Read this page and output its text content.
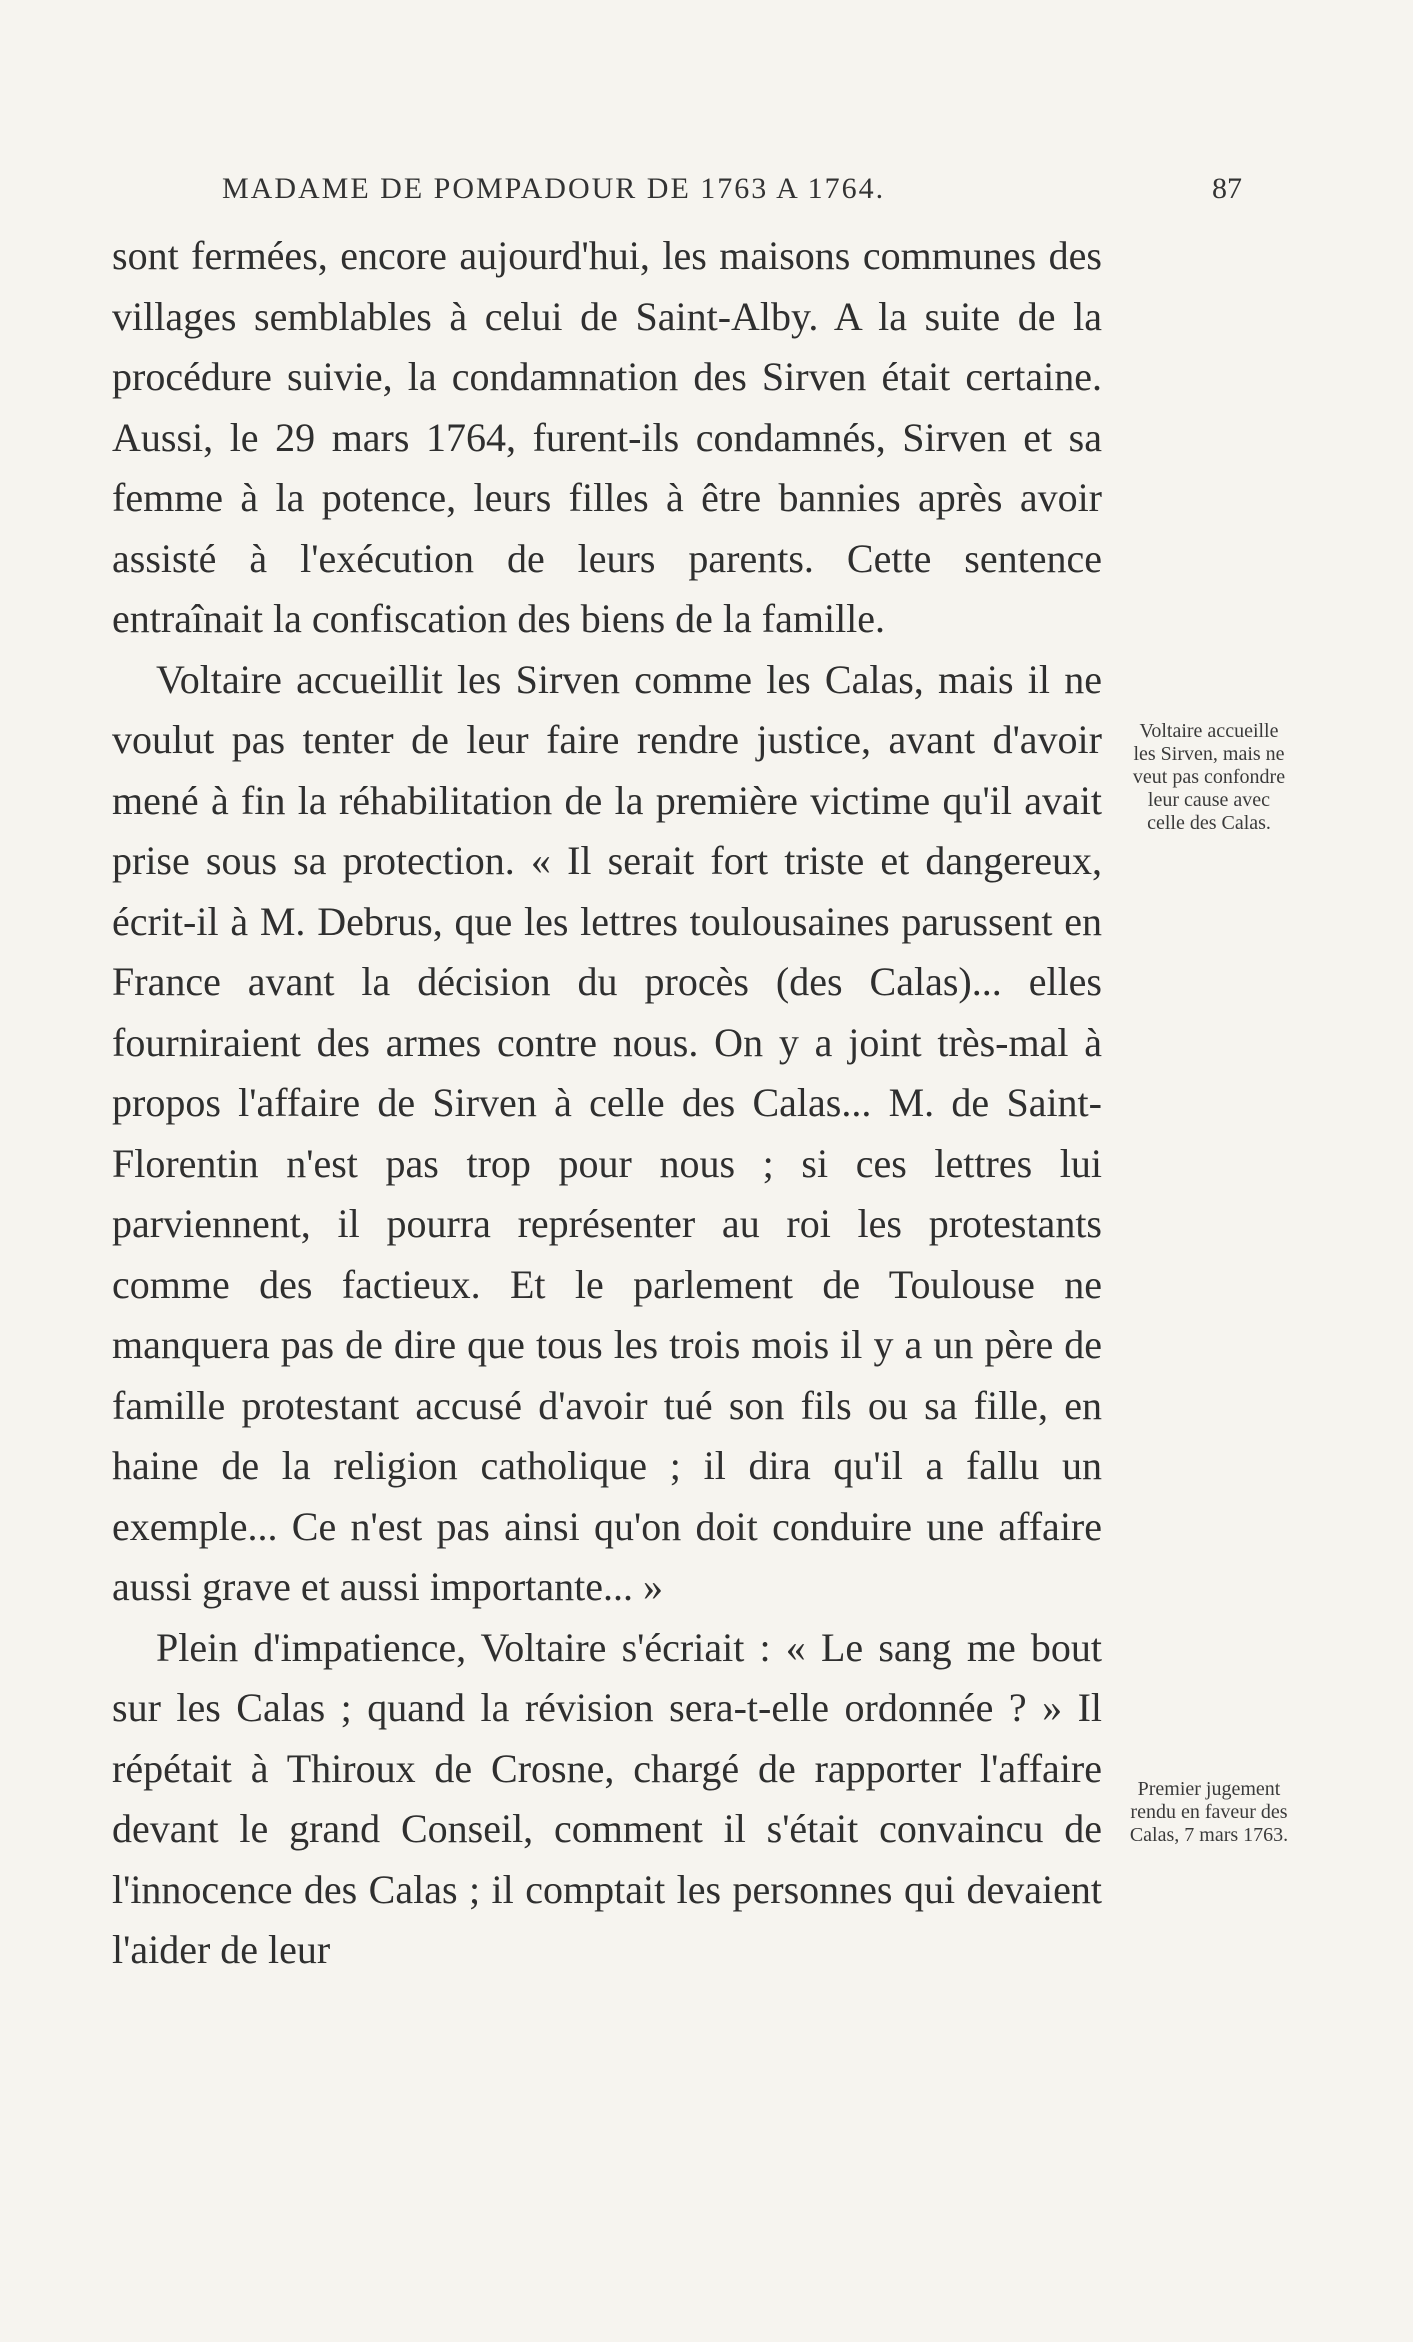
MADAME DE POMPADOUR DE 1763 A 1764.	87

sont fermées, encore aujourd'hui, les maisons communes des villages semblables à celui de Saint-Alby. A la suite de la procédure suivie, la condamnation des Sirven était certaine. Aussi, le 29 mars 1764, furent-ils condamnés, Sirven et sa femme à la potence, leurs filles à être bannies après avoir assisté à l'exécution de leurs parents. Cette sentence entraînait la confiscation des biens de la famille.

Voltaire accueillit les Sirven comme les Calas, mais il ne voulut pas tenter de leur faire rendre justice, avant d'avoir mené à fin la réhabilitation de la première victime qu'il avait prise sous sa protection. « Il serait fort triste et dangereux, écrit-il à M. Debrus, que les lettres toulousaines parussent en France avant la décision du procès (des Calas)... elles fourniraient des armes contre nous. On y a joint très-mal à propos l'affaire de Sirven à celle des Calas... M. de Saint-Florentin n'est pas trop pour nous ; si ces lettres lui parviennent, il pourra représenter au roi les protestants comme des factieux. Et le parlement de Toulouse ne manquera pas de dire que tous les trois mois il y a un père de famille protestant accusé d'avoir tué son fils ou sa fille, en haine de la religion catholique ; il dira qu'il a fallu un exemple... Ce n'est pas ainsi qu'on doit conduire une affaire aussi grave et aussi importante... »

Plein d'impatience, Voltaire s'écriait : « Le sang me bout sur les Calas ; quand la révision sera-t-elle ordonnée ? » Il répétait à Thiroux de Crosne, chargé de rapporter l'affaire devant le grand Conseil, comment il s'était convaincu de l'innocence des Calas ; il comptait les personnes qui devaient l'aider de leur

Voltaire accueille les Sirven, mais ne veut pas confondre leur cause avec celle des Calas.
Premier jugement rendu en faveur des Calas, 7 mars 1763.
